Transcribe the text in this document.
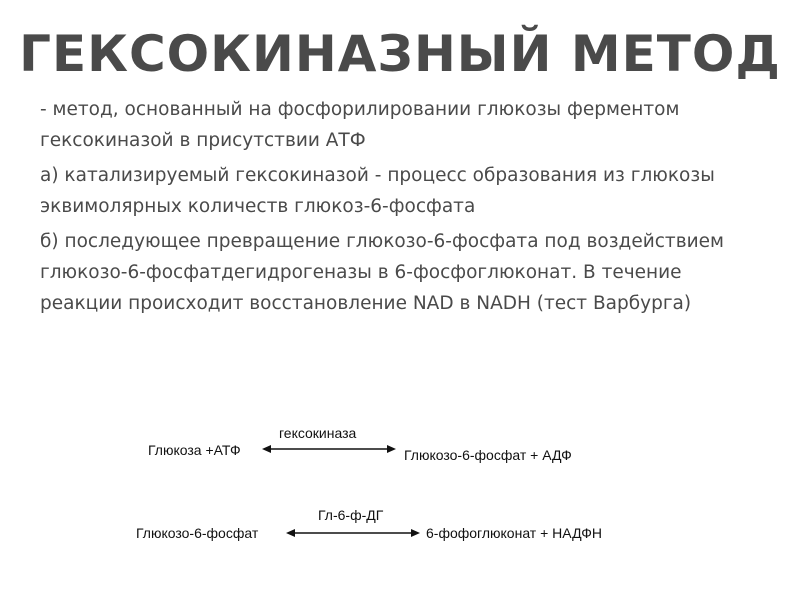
ГЕКСОКИНАЗНЫЙ МЕТОД

- метод, основанный на фосфорилировании глюкозы ферментом

гексокиназой в присутствии АТФ

а) катализируемый гексокиназой - процесс образования из глюкозы

эквимолярных количеств глюкоз-6-фосфата

б) последующее превращение глюкозо-6-фосфата под воздействием

глюкозо-6-фосфатдегидрогеназы в 6-фосфоглюконат. В течение

реакции происходит восстановление NAD в NADH (тест Варбурга)

Глюкоза +АТФ
гексокиназа
Глюкозо-6-фосфат + АДФ
Глюкозо-6-фосфат
Гл-6-ф-ДГ
6-фофоглюконат + НАДФН
